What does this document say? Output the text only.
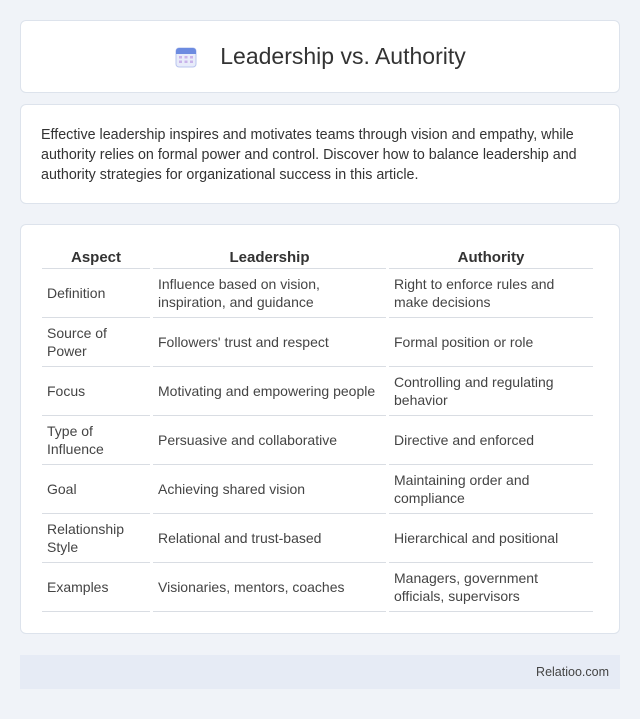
Leadership vs. Authority

Effective leadership inspires and motivates teams through vision and empathy, while authority relies on formal power and control. Discover how to balance leadership and authority strategies for organizational success in this article.

Aspect	Leadership	Authority
Definition	Influence based on vision, inspiration, and guidance	Right to enforce rules and make decisions
Source of Power	Followers' trust and respect	Formal position or role
Focus	Motivating and empowering people	Controlling and regulating behavior
Type of Influence	Persuasive and collaborative	Directive and enforced
Goal	Achieving shared vision	Maintaining order and compliance
Relationship Style	Relational and trust-based	Hierarchical and positional
Examples	Visionaries, mentors, coaches	Managers, government officials, supervisors
Relatioo.com
